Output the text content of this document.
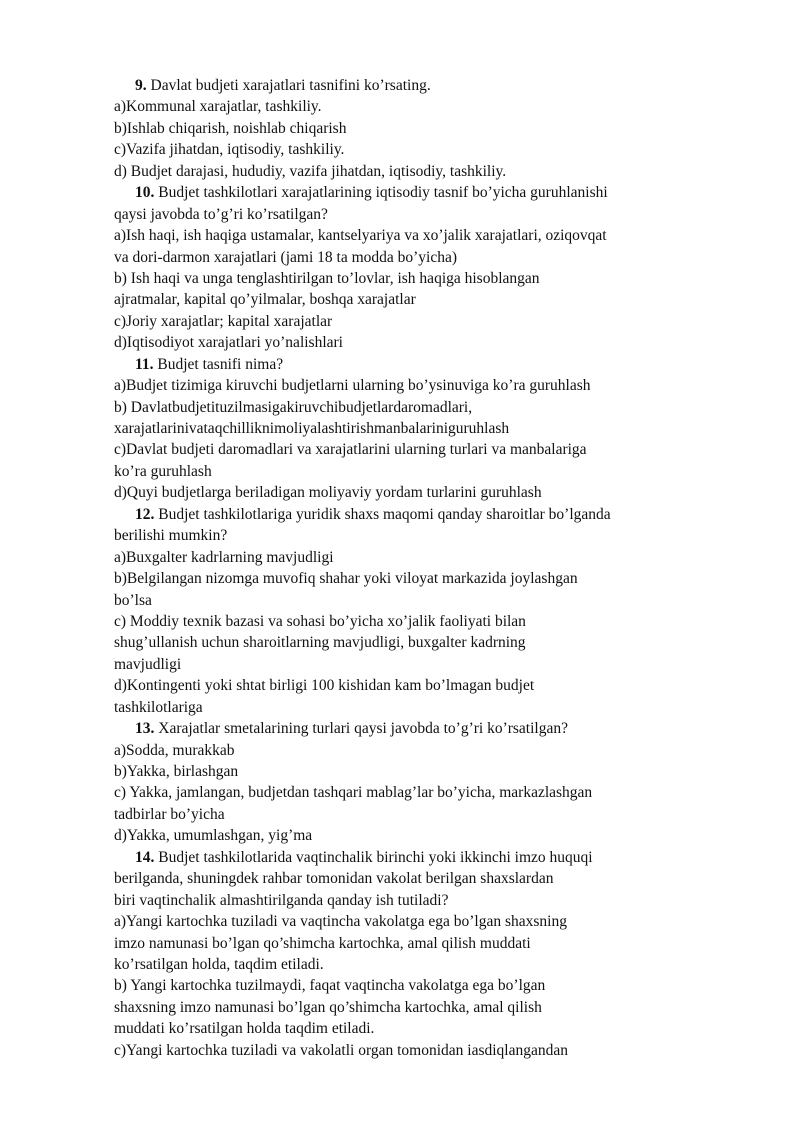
9. Davlat budjeti xarajatlari tasnifini ko’rsating.
a)Kommunal xarajatlar, tashkiliy.
b)Ishlab chiqarish, noishlab chiqarish
c)Vazifa jihatdan, iqtisodiy, tashkiliy.
d) Budjet darajasi, hududiy, vazifa jihatdan, iqtisodiy, tashkiliy.
10. Budjet tashkilotlari xarajatlarining iqtisodiy tasnif bo’yicha guruhlanishi
qaysi javobda to’g’ri ko’rsatilgan?
a)Ish haqi, ish haqiga ustamalar, kantselyariya va xo’jalik xarajatlari, oziqovqat
va dori-darmon xarajatlari (jami 18 ta modda bo’yicha)
b) Ish haqi va unga tenglashtirilgan to’lovlar, ish haqiga hisoblangan
ajratmalar, kapital qo’yilmalar, boshqa xarajatlar
c)Joriy xarajatlar; kapital xarajatlar
d)Iqtisodiyot xarajatlari yo’nalishlari
11. Budjet tasnifi nima?
a)Budjet tizimiga kiruvchi budjetlarni ularning bo’ysinuviga ko’ra guruhlash
b) Davlatbudjetituzilmasigakiruvchibudjetlardaromadlari,
xarajatlarinivataqchilliknimoliyalashtirishmanbalariniguruhlash
c)Davlat budjeti daromadlari va xarajatlarini ularning turlari va manbalariga
ko’ra guruhlash
d)Quyi budjetlarga beriladigan moliyaviy yordam turlarini guruhlash
12. Budjet tashkilotlariga yuridik shaxs maqomi qanday sharoitlar bo’lganda
berilishi mumkin?
a)Buxgalter kadrlarning mavjudligi
b)Belgilangan nizomga muvofiq shahar yoki viloyat markazida joylashgan
bo’lsa
c) Moddiy texnik bazasi va sohasi bo’yicha xo’jalik faoliyati bilan
shug’ullanish uchun sharoitlarning mavjudligi, buxgalter kadrning
mavjudligi
d)Kontingenti yoki shtat birligi 100 kishidan kam bo’lmagan budjet
tashkilotlariga
13. Xarajatlar smetalarining turlari qaysi javobda to’g’ri ko’rsatilgan?
a)Sodda, murakkab
b)Yakka, birlashgan
c) Yakka, jamlangan, budjetdan tashqari mablag’lar bo’yicha, markazlashgan
tadbirlar bo’yicha
d)Yakka, umumlashgan, yig’ma
14. Budjet tashkilotlarida vaqtinchalik birinchi yoki ikkinchi imzo huquqi
berilganda, shuningdek rahbar tomonidan vakolat berilgan shaxslardan
biri vaqtinchalik almashtirilganda qanday ish tutiladi?
a)Yangi kartochka tuziladi va vaqtincha vakolatga ega bo’lgan shaxsning
imzo namunasi bo’lgan qo’shimcha kartochka, amal qilish muddati
ko’rsatilgan holda, taqdim etiladi.
b) Yangi kartochka tuzilmaydi, faqat vaqtincha vakolatga ega bo’lgan
shaxsning imzo namunasi bo’lgan qo’shimcha kartochka, amal qilish
muddati ko’rsatilgan holda taqdim etiladi.
c)Yangi kartochka tuziladi va vakolatli organ tomonidan iasdiqlangandan
